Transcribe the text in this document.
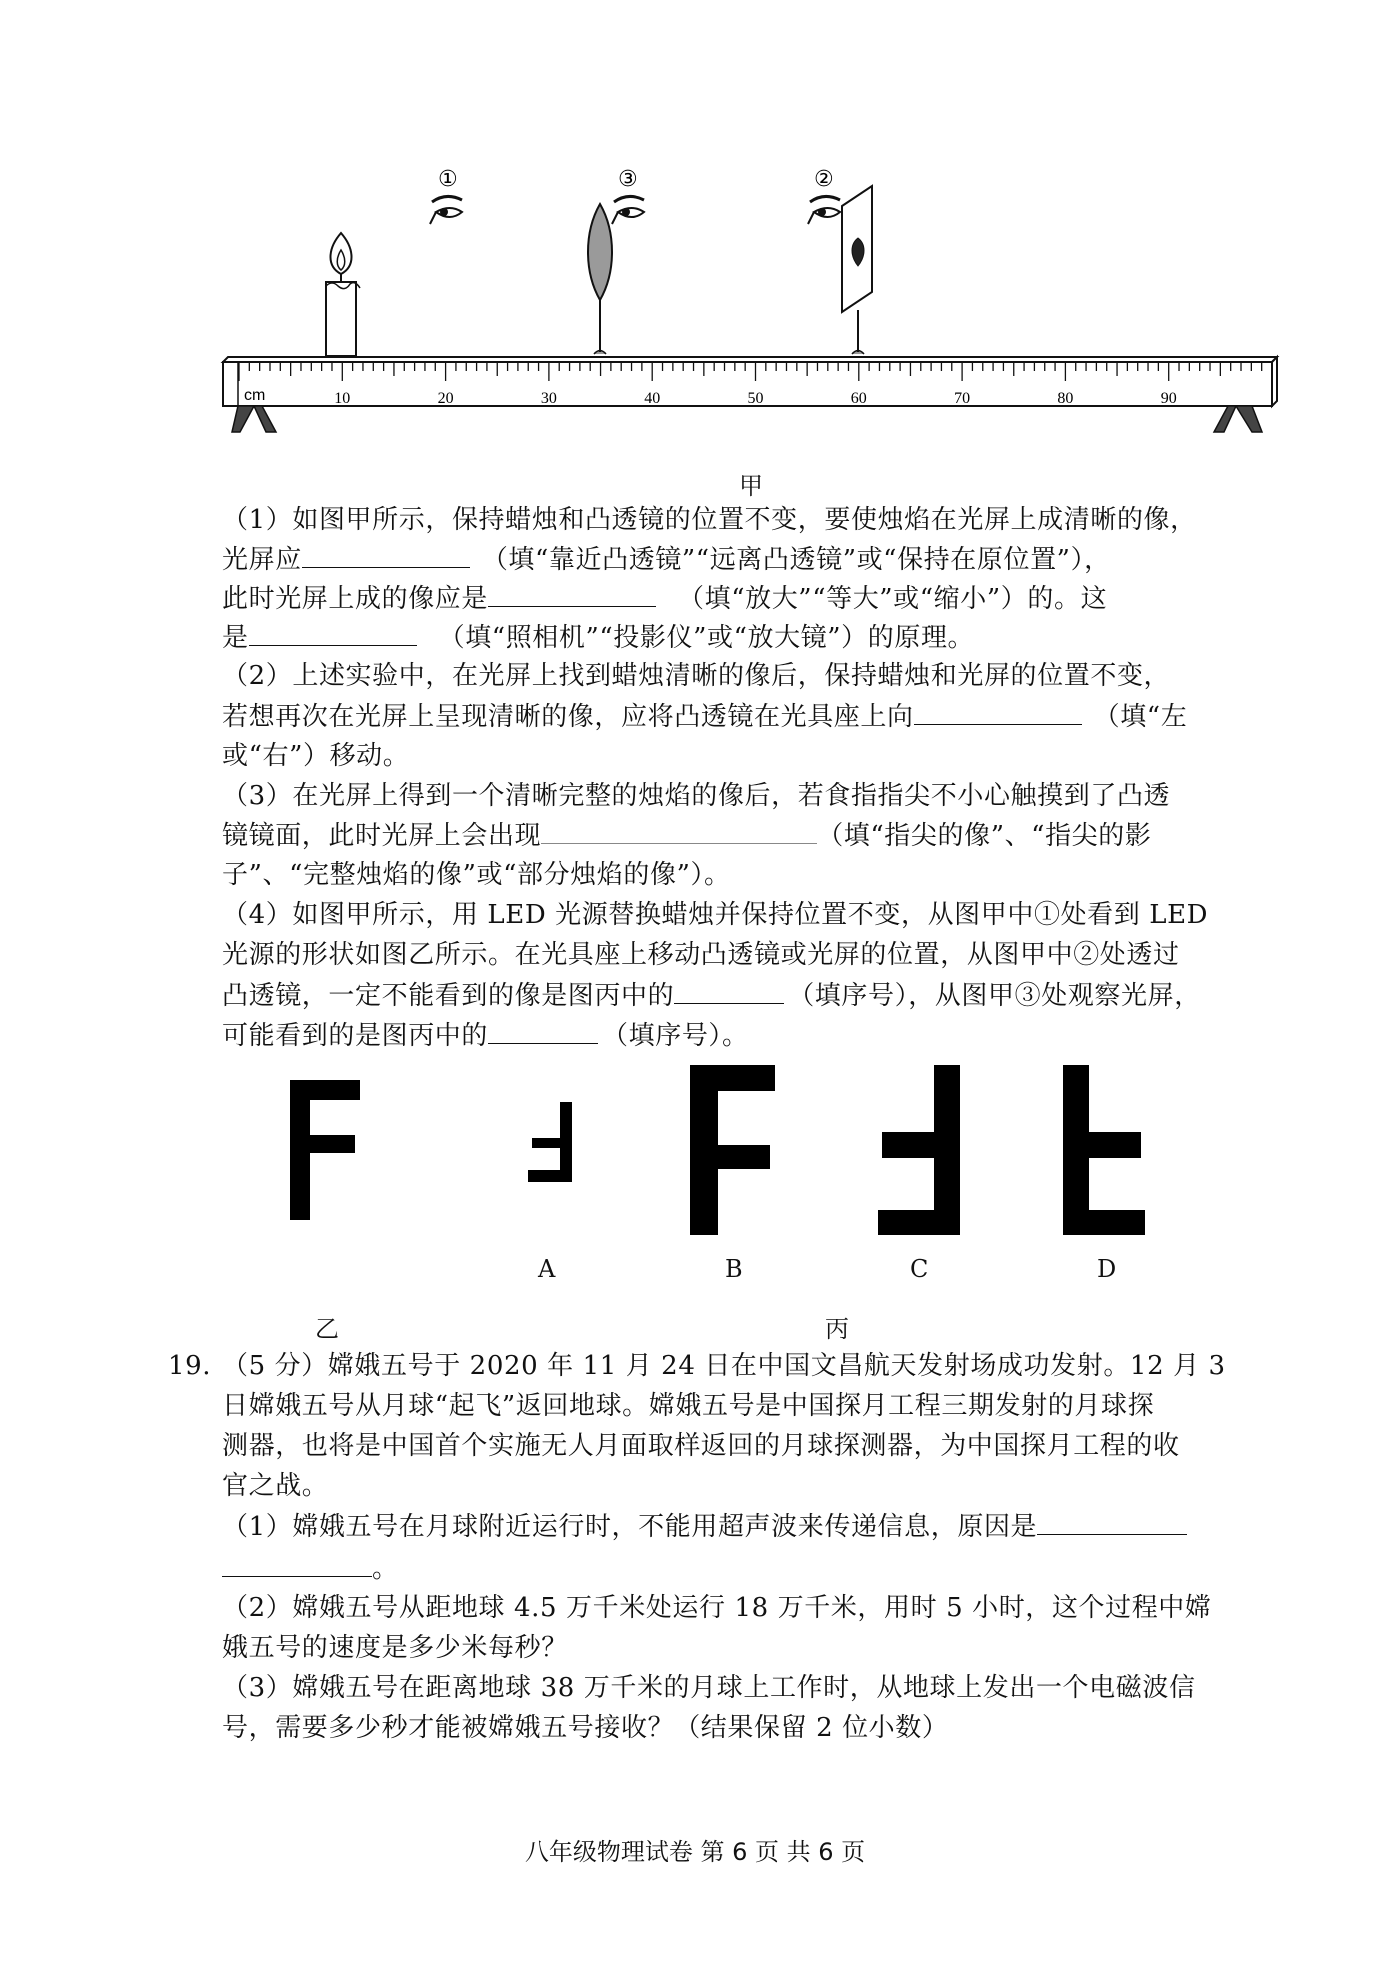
10	20	30	40	50	60	70	80	90
cm
①	③	②
甲
（1）如图甲所示，保持蜡烛和凸透镜的位置不变，要使烛焰在光屏上成清晰的像，
光屏应	（填“靠近凸透镜”“远离凸透镜”或“保持在原位置”），
此时光屏上成的像应是	（填“放大”“等大”或“缩小”）的。这
是	（填“照相机”“投影仪”或“放大镜”）的原理。
（2）上述实验中，在光屏上找到蜡烛清晰的像后，保持蜡烛和光屏的位置不变，
若想再次在光屏上呈现清晰的像，应将凸透镜在光具座上向	（填“左
或“右”）移动。
（3）在光屏上得到一个清晰完整的烛焰的像后，若食指指尖不小心触摸到了凸透
镜镜面，此时光屏上会出现	（填“指尖的像”、“指尖的影
子”、“完整烛焰的像”或“部分烛焰的像”）。
（4）如图甲所示，用 LED 光源替换蜡烛并保持位置不变，从图甲中①处看到 LED
光源的形状如图乙所示。在光具座上移动凸透镜或光屏的位置，从图甲中②处透过
凸透镜，一定不能看到的像是图丙中的	（填序号），从图甲③处观察光屏，
可能看到的是图丙中的	（填序号）。
A	B	C	D
乙	丙
19. （5 分）嫦娥五号于 2020 年 11 月 24 日在中国文昌航天发射场成功发射。12 月 3
日嫦娥五号从月球“起飞”返回地球。嫦娥五号是中国探月工程三期发射的月球探
测器，也将是中国首个实施无人月面取样返回的月球探测器，为中国探月工程的收
官之战。
（1）嫦娥五号在月球附近运行时，不能用超声波来传递信息，原因是
。
（2）嫦娥五号从距地球 4.5 万千米处运行 18 万千米，用时 5 小时，这个过程中嫦
娥五号的速度是多少米每秒？
（3）嫦娥五号在距离地球 38 万千米的月球上工作时，从地球上发出一个电磁波信
号，需要多少秒才能被嫦娥五号接收？（结果保留 2 位小数）
八年级物理试卷 第 6 页 共 6 页
